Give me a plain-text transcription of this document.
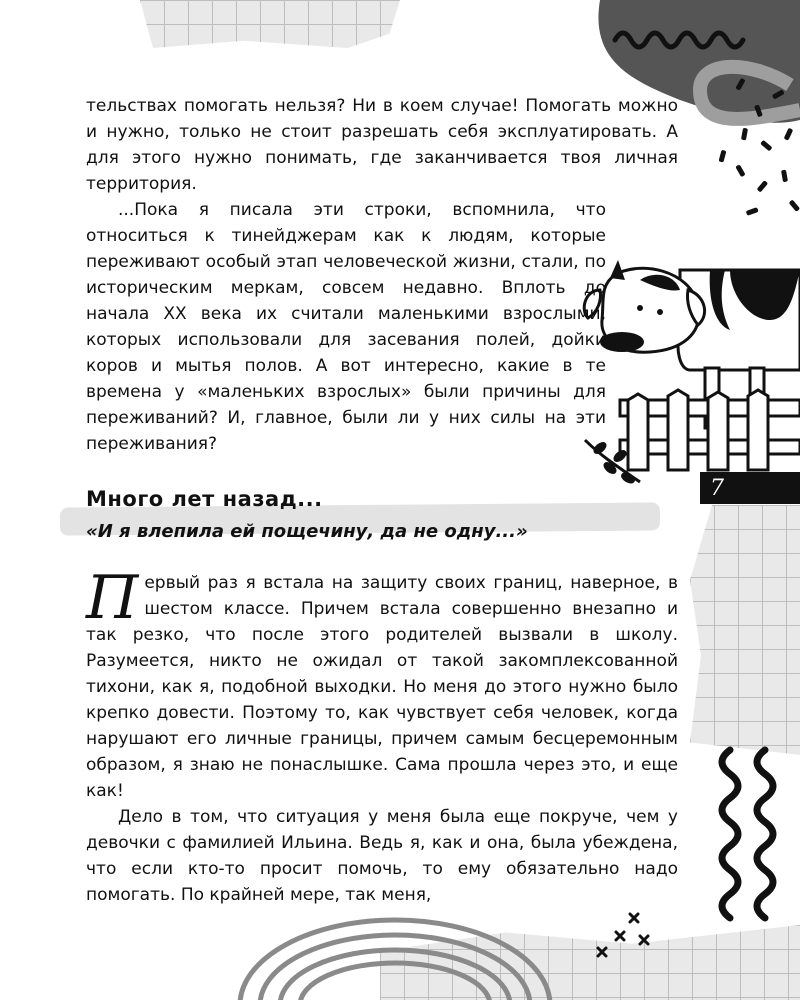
тельствах помогать нельзя? Ни в коем случае! Помогать можно и нужно, только не стоит разрешать себя эксплуатировать. А для этого нужно понимать, где заканчивается твоя личная территория.

...Пока я писала эти строки, вспомнила, что относиться к тинейджерам как к людям, которые переживают особый этап человеческой жизни, стали, по историческим меркам, совсем недавно. Вплоть до начала XX века их считали маленькими взрослыми, которых использовали для засевания полей, дойки коров и мытья полов. А вот интересно, какие в те времена у «маленьких взрослых» были причины для переживаний? И, главное, были ли у них силы на эти переживания?

7
Много лет назад...
«И я влепила ей пощечину, да не одну...»

Первый раз я встала на защиту своих границ, наверное, в шестом классе. Причем встала совершенно внезапно и так резко, что после этого родителей вызвали в школу. Разумеется, никто не ожидал от такой закомплексованной тихони, как я, подобной выходки. Но меня до этого нужно было крепко довести. Поэтому то, как чувствует себя человек, когда нарушают его личные границы, причем самым бесцеремонным образом, я знаю не понаслышке. Сама прошла через это, и еще как!

Дело в том, что ситуация у меня была еще покруче, чем у девочки с фамилией Ильина. Ведь я, как и она, была убеждена, что если кто-то просит помочь, то ему обязательно надо помогать. По крайней мере, так меня,
